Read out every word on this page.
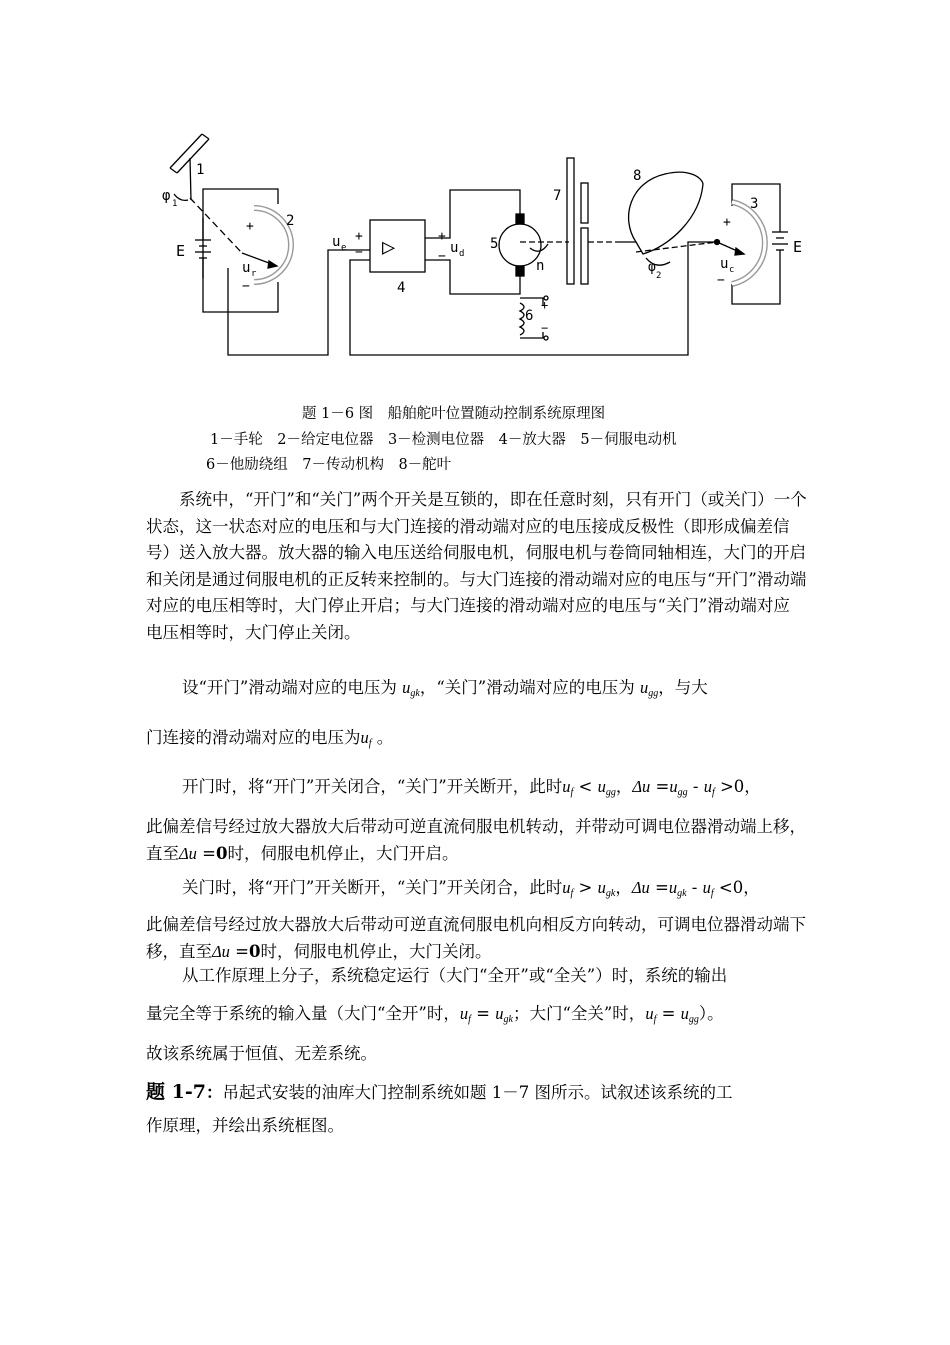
1
2
3
4
5
6
7
8
E	E
φ 1
φ
2
u r
u e	u d
u c
n
▷
+
−
+
−
+
−
+
−
+
−
题 1－6 图　船舶舵叶位置随动控制系统原理图
1－手轮　2－给定电位器　3－检测电位器　4－放大器　5－伺服电动机
6－他励绕组　7－传动机构　8－舵叶
系统中，“开门”和“关门”两个开关是互锁的，即在任意时刻，只有开门（或关门）一个状态，这一状态对应的电压和与大门连接的滑动端对应的电压接成反极性（即形成偏差信号）送入放大器。放大器的输入电压送给伺服电机，伺服电机与卷筒同轴相连，大门的开启和关闭是通过伺服电机的正反转来控制的。与大门连接的滑动端对应的电压与“开门”滑动端对应的电压相等时，大门停止开启；与大门连接的滑动端对应的电压与“关门”滑动端对应 电压相等时，大门停止关闭。
设“开门”滑动端对应的电压为 $u_{gk}$，“关门”滑动端对应的电压为 $u_{gg}$，与大
门连接的滑动端对应的电压为$u_f$ 。
开门时，将“开门”开关闭合，“关门”开关断开，此时$u_f < u_{gg}$，$\Delta u =u_{gg} - u_f >0$，
此偏差信号经过放大器放大后带动可逆直流伺服电机转动，并带动可调电位器滑动端上移，直至Δu =0时，伺服电机停止，大门开启。
关门时，将“开门”开关断开，“关门”开关闭合，此时$u_f > u_{gk}$，$\Delta u =u_{gk} - u_f <0$，
此偏差信号经过放大器放大后带动可逆直流伺服电机向相反方向转动，可调电位器滑动端下移，直至Δu =0时，伺服电机停止，大门关闭。
从工作原理上分子，系统稳定运行（大门“全开”或“全关”）时，系统的输出
量完全等于系统的输入量（大门“全开”时，$u_f = u_{gk}$；大门“全关”时，$u_f = u_{gg}$）。
故该系统属于恒值、无差系统。
题 1-7：吊起式安装的油库大门控制系统如题 1－7 图所示。试叙述该系统的工
作原理，并绘出系统框图。
